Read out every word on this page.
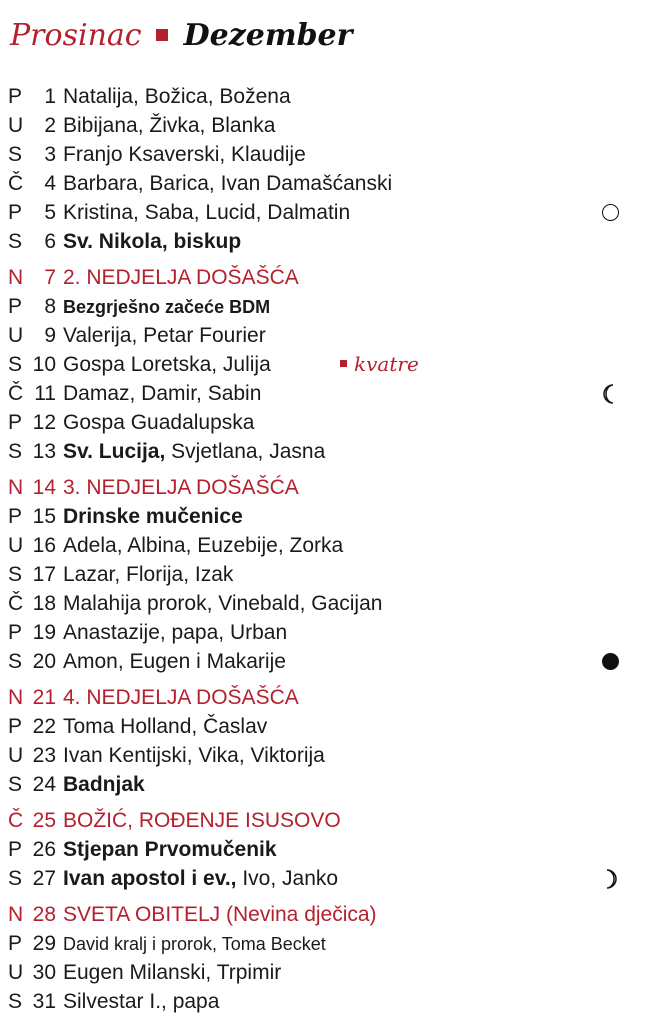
Prosinac Dezember
P	1 Natalija, Božica, Božena
U	2 Bibijana, Živka, Blanka
S	3 Franjo Ksaverski, Klaudije
Č	4 Barbara, Barica, Ivan Damašćanski
P	5 Kristina, Saba, Lucid, Dalmatin
S	6 Sv. Nikola, biskup
N	7 2. NEDJELJA DOŠAŠĆA
P	8 Bezgrješno začeće BDM
U	9 Valerija, Petar Fourier
S 10 Gospa Loretska, Julija	kvatre
Č 11 Damaz, Damir, Sabin
P 12 Gospa Guadalupska
S 13 Sv. Lucija, Svjetlana, Jasna
N 14 3. NEDJELJA DOŠAŠĆA
P 15 Drinske mučenice
U 16 Adela, Albina, Euzebije, Zorka
S 17 Lazar, Florija, Izak
Č 18 Malahija prorok, Vinebald, Gacijan
P 19 Anastazije, papa, Urban
S 20 Amon, Eugen i Makarije
N 21 4. NEDJELJA DOŠAŠĆA
P 22 Toma Holland, Časlav
U 23 Ivan Kentijski, Vika, Viktorija
S 24 Badnjak
Č 25 BOŽIĆ, ROĐENJE ISUSOVO
P 26 Stjepan Prvomučenik
S 27 Ivan apostol i ev., Ivo, Janko
N 28 SVETA OBITELJ (Nevina dječica)
P 29 David kralj i prorok, Toma Becket
U 30 Eugen Milanski, Trpimir
S 31 Silvestar I., papa
